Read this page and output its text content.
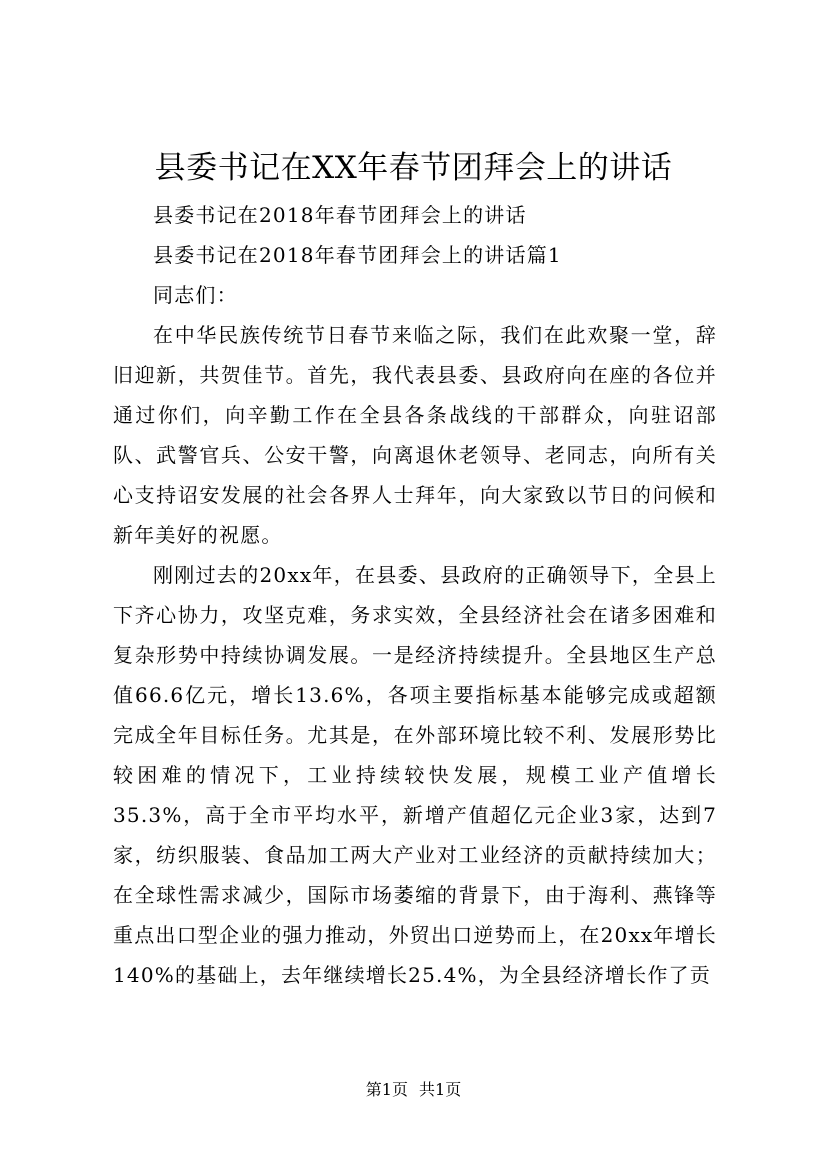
县委书记在XX年春节团拜会上的讲话

县委书记在2018年春节团拜会上的讲话

县委书记在2018年春节团拜会上的讲话篇1

同志们：

在中华民族传统节日春节来临之际，我们在此欢聚一堂，辞旧迎新，共贺佳节。首先，我代表县委、县政府向在座的各位并通过你们，向辛勤工作在全县各条战线的干部群众，向驻诏部队、武警官兵、公安干警，向离退休老领导、老同志，向所有关心支持诏安发展的社会各界人士拜年，向大家致以节日的问候和新年美好的祝愿。

刚刚过去的20xx年，在县委、县政府的正确领导下，全县上下齐心协力，攻坚克难，务求实效，全县经济社会在诸多困难和复杂形势中持续协调发展。一是经济持续提升。全县地区生产总值66.6亿元，增长13.6%，各项主要指标基本能够完成或超额完成全年目标任务。尤其是，在外部环境比较不利、发展形势比较困难的情况下，工业持续较快发展，规模工业产值增长35.3%，高于全市平均水平，新增产值超亿元企业3家，达到7家，纺织服装、食品加工两大产业对工业经济的贡献持续加大；在全球性需求减少，国际市场萎缩的背景下，由于海利、燕锋等重点出口型企业的强力推动，外贸出口逆势而上，在20xx年增长140%的基础上，去年继续增长25.4%，为全县经济增长作了贡

第1页 共1页
